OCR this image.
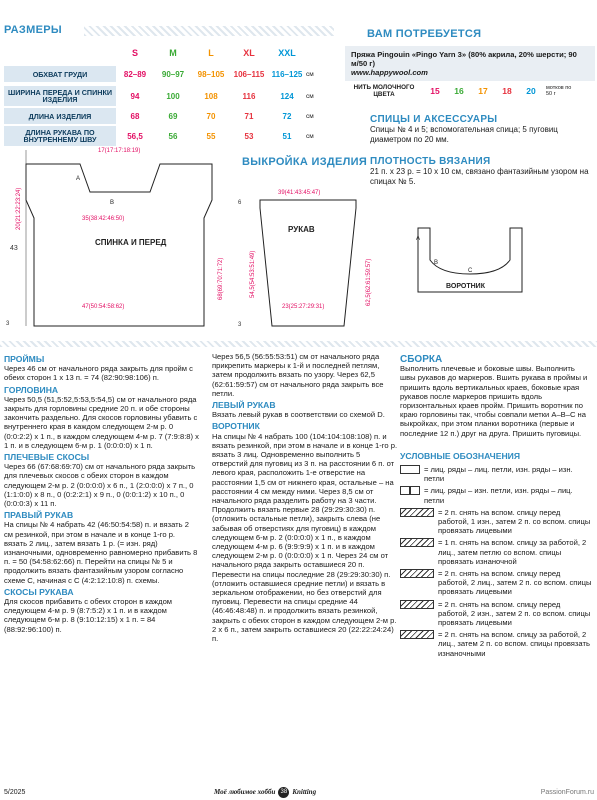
РАЗМЕРЫ
S	M	L	XL	XXL
ОБХВАТ ГРУДИ	82–89	90–97	98–105	106–115 116–125 см
ШИРИНА ПЕРЕДА И СПИНКИ ИЗДЕЛИЯ	94	100	108	116	124	см
ДЛИНА ИЗДЕЛИЯ	68	69	70	71	72	см
ДЛИНА РУКАВА ПО ВНУТРЕННЕМУ ШВУ	56,5	56	55	53	51	см
ВАМ ПОТРЕБУЕТСЯ
Пряжа Pingouin «Pingo Yarn 3» (80% акрила, 20% шерсти; 90 м/50 г)
www.happywool.com
НИТЬ МОЛОЧНОГО ЦВЕТА	15	16	17	18	20	мотков по 50 г
СПИЦЫ И АКСЕССУАРЫ
Спицы № 4 и 5; вспомогательная спица; 5 пуговиц диаметром по 20 мм.
ПЛОТНОСТЬ ВЯЗАНИЯ
21 п. x 23 р. = 10 x 10 см, связано фантазийным узором на спицах № 5.
ВЫКРОЙКА ИЗДЕЛИЯ
43
17(17:17:18:19)
35(38:42:46:50)
47(50:54:58:62)
A
B
СПИНКА И ПЕРЕД
3
20(21:22:23:24)
68(69:70:71:72)
39(41:43:45:47)
23(25:27:29:31)
РУКАВ
6
3
54,5(54:53:51:49)	62,5(62:61:59:57)
A
B
C
ВОРОТНИК
ПРОЙМЫ
Через 46 см от начального ряда закрыть для пройм с обеих сторон 1 x 13 п. = 74 (82:90:98:106) п.
ГОРЛОВИНА
Через 50,5 (51,5:52,5:53,5:54,5) см от начального ряда закрыть для горловины средние 20 п. и обе стороны закончить раздельно. Для скосов горловины убавить с внутреннего края в каждом следующем 2-м р. 0 (0:0:2:2) x 1 п., в каждом следующем 4-м р. 7 (7:9:8:8) x 1 п. и в следующем 6-м р. 1 (0:0:0:0) x 1 п.
ПЛЕЧЕВЫЕ СКОСЫ
Через 66 (67:68:69:70) см от начального ряда закрыть для плечевых скосов с обеих сторон в каждом следующем 2-м р. 2 (0:0:0:0) x 6 п., 1 (2:0:0:0) x 7 п., 0 (1:1:0:0) x 8 п., 0 (0:2:2:1) x 9 п., 0 (0:0:1:2) x 10 п., 0 (0:0:0:3) x 11 п.
ПРАВЫЙ РУКАВ
На спицы № 4 набрать 42 (46:50:54:58) п. и вязать 2 см резинкой, при этом в начале и в конце 1-го р. вязать 2 лиц., затем вязать 1 р. (= изн. ряд) изнаночными, одновременно равномерно прибавить 8 п. = 50 (54:58:62:66) п. Перейти на спицы № 5 и продолжить вязать фантазийным узором согласно схеме С, начиная с С (4:2:12:10:8) п. схемы.
СКОСЫ РУКАВА
Для скосов прибавить с обеих сторон в каждом следующем 4-м р. 9 (8:7:5:2) x 1 п. и в каждом следующем 6-м р. 8 (9:10:12:15) x 1 п. = 84 (88:92:96:100) п.
Через 56,5 (56:55:53:51) см от начального ряда прикрепить маркеры к 1-й и последней петлям, затем продолжить вязать по узору. Через 62,5 (62:61:59:57) см от начального ряда закрыть все петли.
ЛЕВЫЙ РУКАВ
Вязать левый рукав в соответствии со схемой D.
ВОРОТНИК
На спицы № 4 набрать 100 (104:104:108:108) п. и вязать резинкой, при этом в начале и в конце 1-го р. вязать 3 лиц. Одновременно выполнить 5 отверстий для пуговиц из 3 п. на расстоянии 6 п. от левого края, расположить 1-е отверстие на расстоянии 1,5 см от нижнего края, остальные – на расстоянии 4 см между ними. Через 8,5 см от начального ряда разделить работу на 3 части. Продолжить вязать первые 28 (29:29:30:30) п. (отложить остальные петли), закрыть слева (не забывая об отверстиях для пуговиц) в каждом следующем 6-м р. 2 (0:0:0:0) x 1 п., в каждом следующем 4-м р. 6 (9:9:9:9) x 1 п. и в каждом следующем 2-м р. 0 (0:0:0:0) x 1 п. Через 24 см от начального ряда закрыть оставшиеся 20 п. Перевести на спицы последние 28 (29:29:30:30) п. (отложить оставшиеся средние петли) и вязать в зеркальном отображении, но без отверстий для пуговиц. Перевести на спицы средние 44 (46:46:48:48) п. и продолжить вязать резинкой, закрыть с обеих сторон в каждом следующем 2-м р. 2 x 6 п., затем закрыть оставшиеся 20 (22:22:24:24) п.
СБОРКА
Выполнить плечевые и боковые швы. Выполнить швы рукавов до маркеров. Вшить рукава в проймы и пришить вдоль вертикальных краев, боковые края рукавов после маркеров пришить вдоль горизонтальных краев пройм. Пришить воротник по краю горловины так, чтобы совпали метки А–В–С на выкройках, при этом планки воротника (первые и последние 12 п.) друг на друга. Пришить пуговицы.
УСЛОВНЫЕ ОБОЗНАЧЕНИЯ
= лиц. ряды – лиц. петли, изн. ряды – изн. петли
= лиц. ряды – изн. петли, изн. ряды – лиц. петли
= 2 п. снять на вспом. спицу перед работой, 1 изн., затем 2 п. со вспом. спицы провязать лицевыми
= 1 п. снять на вспом. спицу за работой, 2 лиц., затем петлю со вспом. спицы провязать изнаночной
= 2 п. снять на вспом. спицу перед работой, 2 лиц., затем 2 п. со вспом. спицы провязать лицевыми
= 2 п. снять на вспом. спицу перед работой, 2 изн., затем 2 п. со вспом. спицы провязать лицевыми
= 2 п. снять на вспом. спицу за работой, 2 лиц., затем 2 п. со вспом. спицы провязать изнаночными
5/2025	Моё любимое хобби 38 Knitting	PassionForum.ru
